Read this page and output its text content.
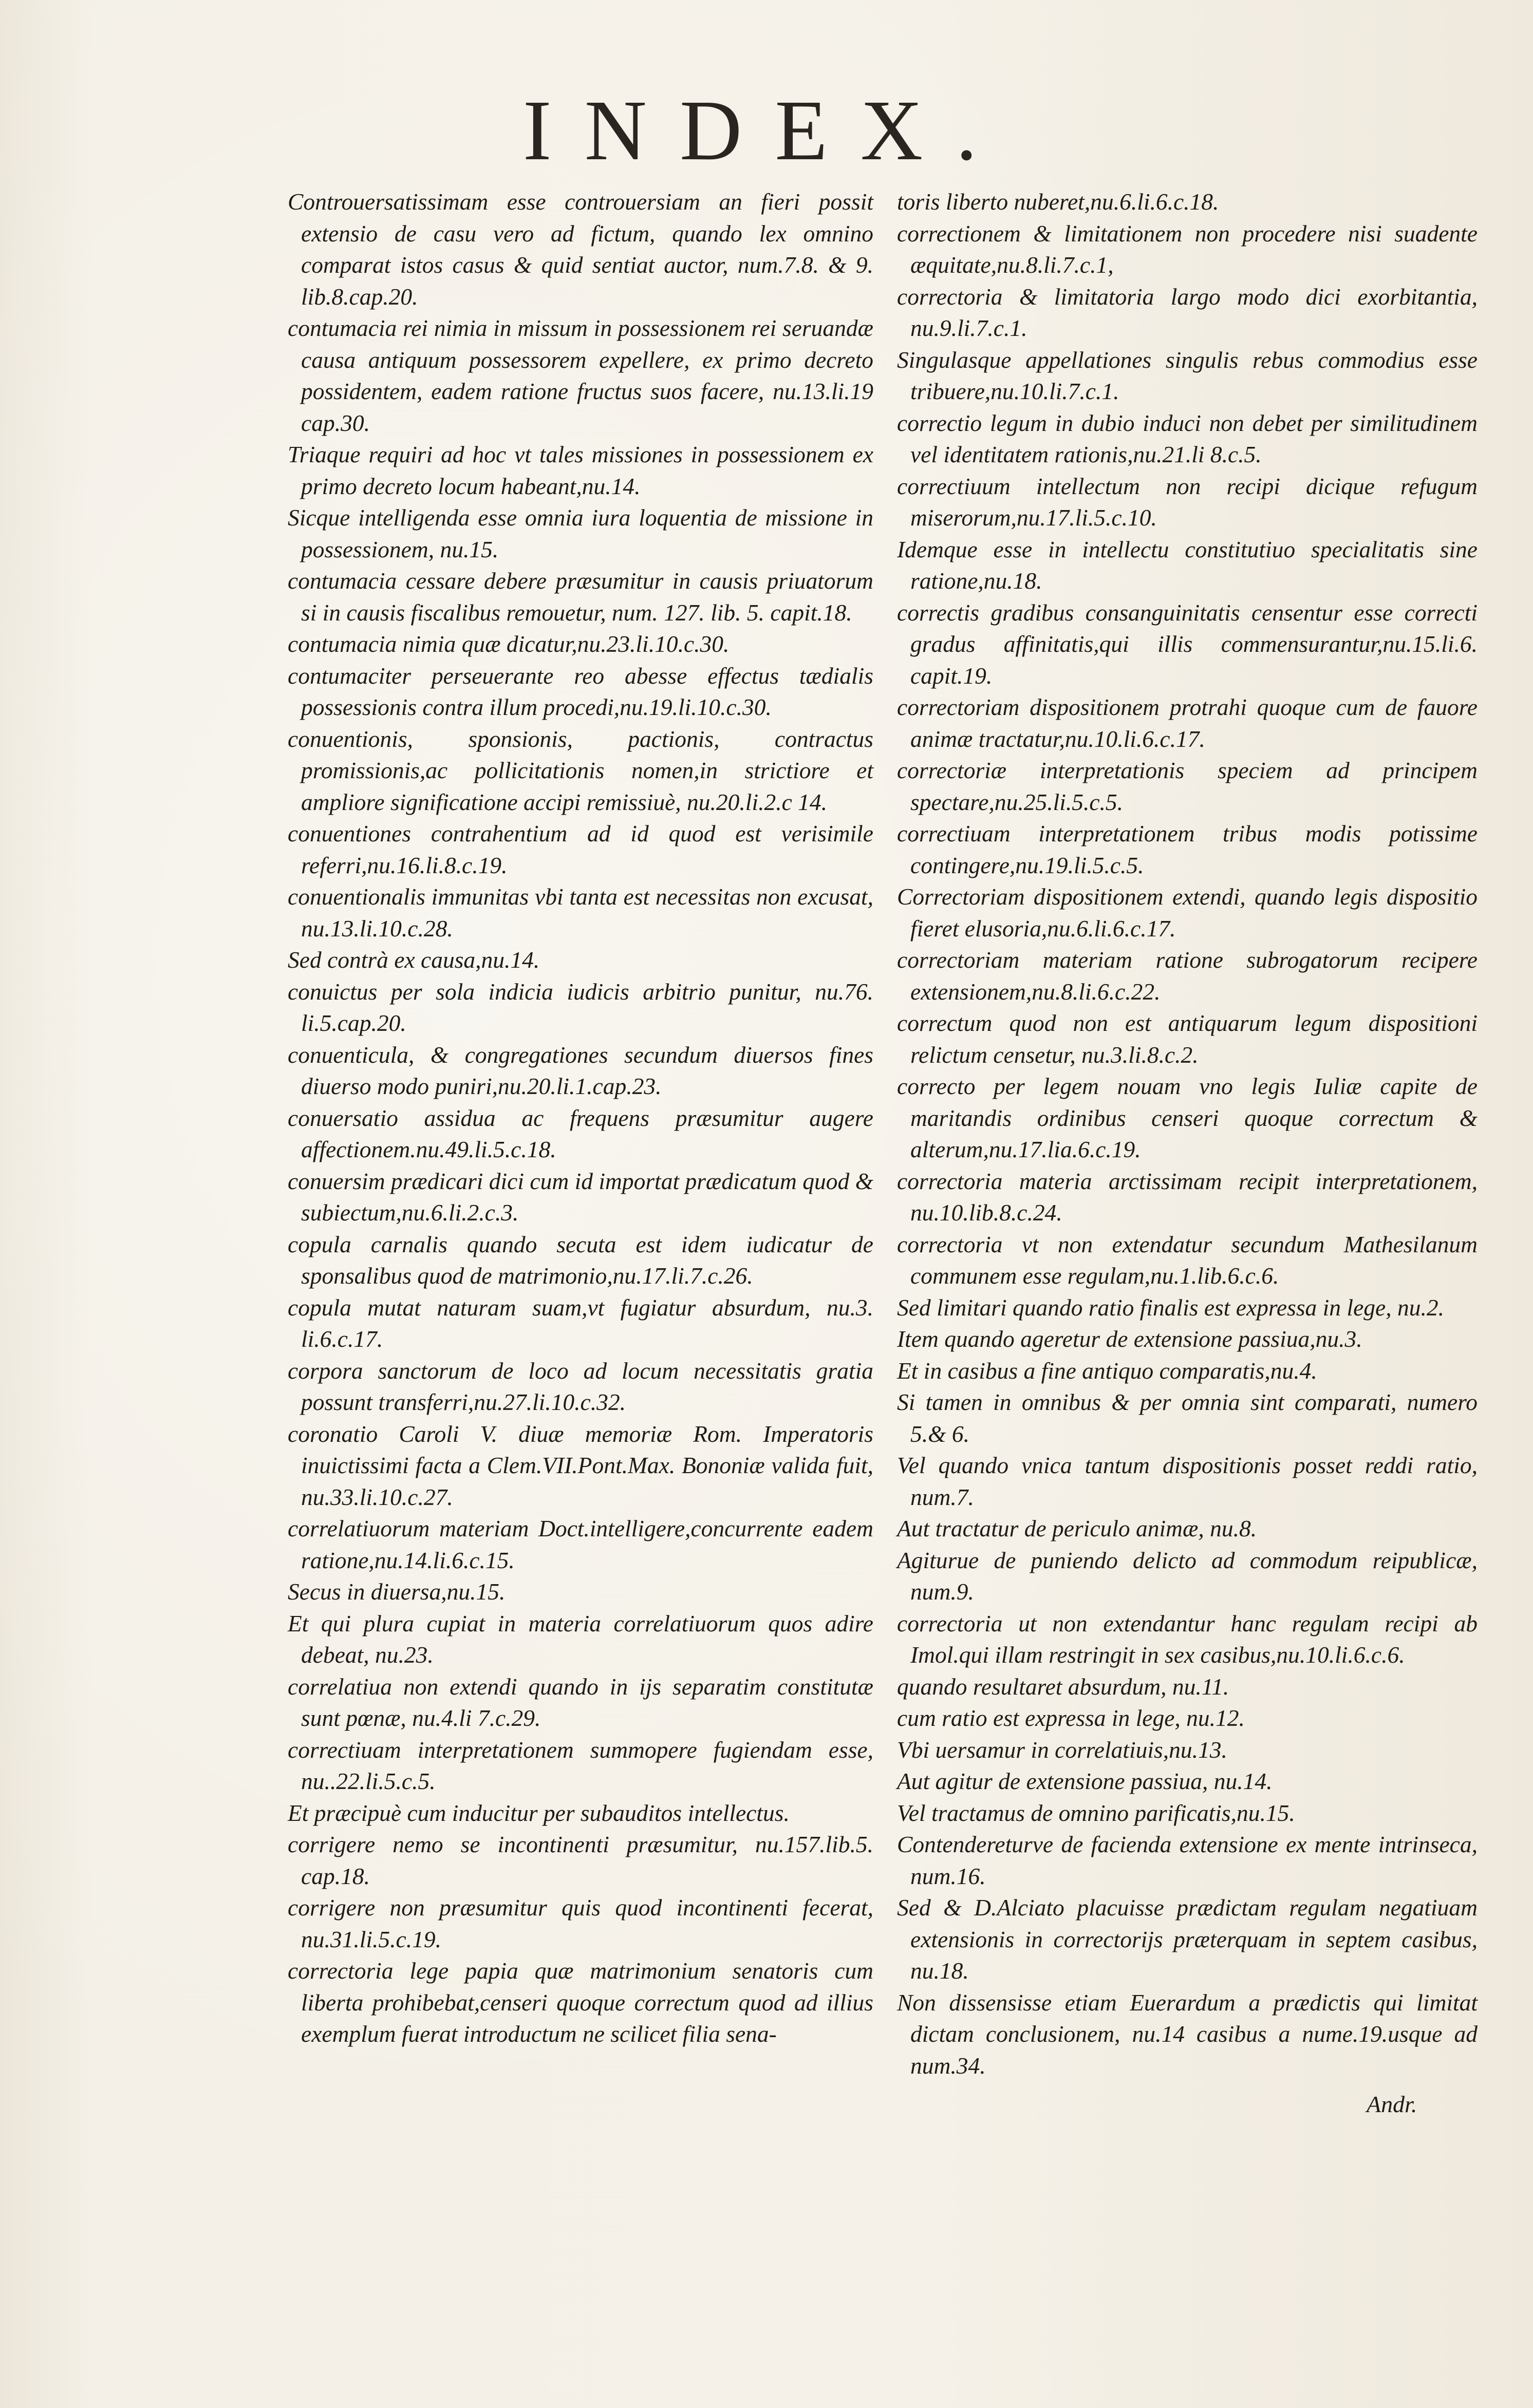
INDEX.

Controuersatissimam esse controuersiam an fieri possit extensio de casu vero ad fictum, quando lex omnino comparat istos casus & quid sentiat auctor, num.7.8. & 9. lib.8.cap.20.

contumacia rei nimia in missum in possessionem rei seruandæ causa antiquum possessorem expellere, ex primo decreto possidentem, eadem ratione fructus suos facere, nu.13.li.19 cap.30.

Triaque requiri ad hoc vt tales missiones in possessionem ex primo decreto locum habeant,nu.14.

Sicque intelligenda esse omnia iura loquentia de missione in possessionem, nu.15.

contumacia cessare debere præsumitur in causis priuatorum si in causis fiscalibus remouetur, num. 127. lib. 5. capit.18.

contumacia nimia quæ dicatur,nu.23.li.10.c.30.

contumaciter perseuerante reo abesse effectus tædialis possessionis contra illum procedi,nu.19.li.10.c.30.

conuentionis, sponsionis, pactionis, contractus promissionis,ac pollicitationis nomen,in strictiore et ampliore significatione accipi remissiuè, nu.20.li.2.c 14.

conuentiones contrahentium ad id quod est verisimile referri,nu.16.li.8.c.19.

conuentionalis immunitas vbi tanta est necessitas non excusat, nu.13.li.10.c.28.

Sed contrà ex causa,nu.14.

conuictus per sola indicia iudicis arbitrio punitur, nu.76. li.5.cap.20.

conuenticula, & congregationes secundum diuersos fines diuerso modo puniri,nu.20.li.1.cap.23.

conuersatio assidua ac frequens præsumitur augere affectionem.nu.49.li.5.c.18.

conuersim prædicari dici cum id importat prædicatum quod & subiectum,nu.6.li.2.c.3.

copula carnalis quando secuta est idem iudicatur de sponsalibus quod de matrimonio,nu.17.li.7.c.26.

copula mutat naturam suam,vt fugiatur absurdum, nu.3. li.6.c.17.

corpora sanctorum de loco ad locum necessitatis gratia possunt transferri,nu.27.li.10.c.32.

coronatio Caroli V. diuæ memoriæ Rom. Imperatoris inuictissimi facta a Clem.VII.Pont.Max. Bononiæ valida fuit, nu.33.li.10.c.27.

correlatiuorum materiam Doct.intelligere,concurrente eadem ratione,nu.14.li.6.c.15.

Secus in diuersa,nu.15.

Et qui plura cupiat in materia correlatiuorum quos adire debeat, nu.23.

correlatiua non extendi quando in ijs separatim constitutæ sunt pœnæ, nu.4.li 7.c.29.

correctiuam interpretationem summopere fugiendam esse, nu..22.li.5.c.5.

Et præcipuè cum inducitur per subauditos intellectus.

corrigere nemo se incontinenti præsumitur, nu.157.lib.5. cap.18.

corrigere non præsumitur quis quod incontinenti fecerat, nu.31.li.5.c.19.

correctoria lege papia quæ matrimonium senatoris cum liberta prohibebat,censeri quoque correctum quod ad illius exemplum fuerat introductum ne scilicet filia sena-

toris liberto nuberet,nu.6.li.6.c.18.

correctionem & limitationem non procedere nisi suadente æquitate,nu.8.li.7.c.1,

correctoria & limitatoria largo modo dici exorbitantia, nu.9.li.7.c.1.

Singulasque appellationes singulis rebus commodius esse tribuere,nu.10.li.7.c.1.

correctio legum in dubio induci non debet per similitudinem vel identitatem rationis,nu.21.li 8.c.5.

correctiuum intellectum non recipi dicique refugum miserorum,nu.17.li.5.c.10.

Idemque esse in intellectu constitutiuo specialitatis sine ratione,nu.18.

correctis gradibus consanguinitatis censentur esse correcti gradus affinitatis,qui illis commensurantur,nu.15.li.6. capit.19.

correctoriam dispositionem protrahi quoque cum de fauore animæ tractatur,nu.10.li.6.c.17.

correctoriæ interpretationis speciem ad principem spectare,nu.25.li.5.c.5.

correctiuam interpretationem tribus modis potissime contingere,nu.19.li.5.c.5.

Correctoriam dispositionem extendi, quando legis dispositio fieret elusoria,nu.6.li.6.c.17.

correctoriam materiam ratione subrogatorum recipere extensionem,nu.8.li.6.c.22.

correctum quod non est antiquarum legum dispositioni relictum censetur, nu.3.li.8.c.2.

correcto per legem nouam vno legis Iuliæ capite de maritandis ordinibus censeri quoque correctum & alterum,nu.17.lia.6.c.19.

correctoria materia arctissimam recipit interpretationem, nu.10.lib.8.c.24.

correctoria vt non extendatur secundum Mathesilanum communem esse regulam,nu.1.lib.6.c.6.

Sed limitari quando ratio finalis est expressa in lege, nu.2.

Item quando ageretur de extensione passiua,nu.3.

Et in casibus a fine antiquo comparatis,nu.4.

Si tamen in omnibus & per omnia sint comparati, numero 5.& 6.

Vel quando vnica tantum dispositionis posset reddi ratio, num.7.

Aut tractatur de periculo animæ, nu.8.

Agiturue de puniendo delicto ad commodum reipublicæ, num.9.

correctoria ut non extendantur hanc regulam recipi ab Imol.qui illam restringit in sex casibus,nu.10.li.6.c.6.

quando resultaret absurdum, nu.11.

cum ratio est expressa in lege, nu.12.

Vbi uersamur in correlatiuis,nu.13.

Aut agitur de extensione passiua, nu.14.

Vel tractamus de omnino parificatis,nu.15.

Contendereturve de facienda extensione ex mente intrinseca, num.16.

Sed & D.Alciato placuisse prædictam regulam negatiuam extensionis in correctorijs præterquam in septem casibus, nu.18.

Non dissensisse etiam Euerardum a prædictis qui limitat dictam conclusionem, nu.14 casibus a nume.19.usque ad num.34.

Andr.
